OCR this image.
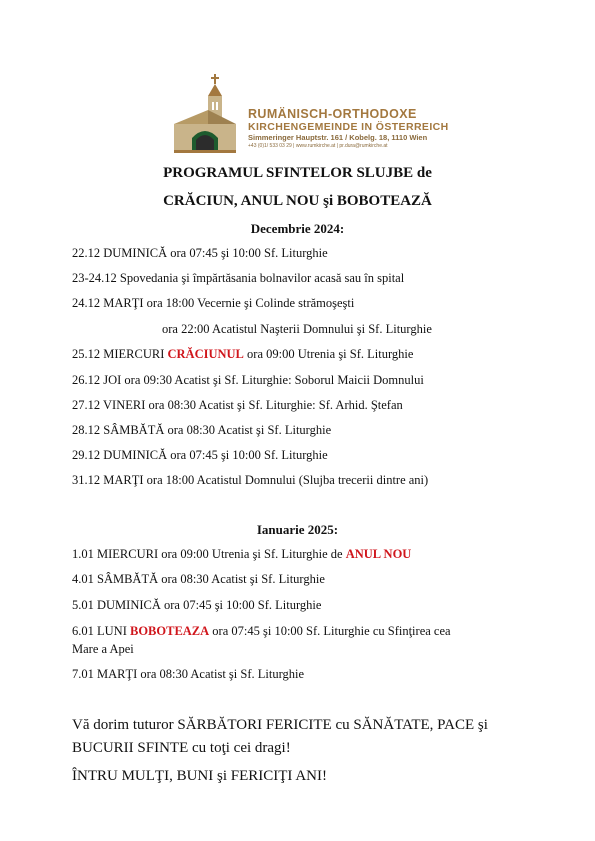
RUMÄNISCH-ORTHODOXE
KIRCHENGEMEINDE IN ÖSTERREICH
Simmeringer Hauptstr. 161 / Kobelg. 18, 1110 Wien
+43 (0)1/ 533 03 29 | www.rumkirche.at | pr.dura@rumkirche.at
PROGRAMUL SFINTELOR SLUJBE de
CRĂCIUN, ANUL NOU şi BOBOTEAZĂ
Decembrie 2024:
22.12 DUMINICĂ ora 07:45 şi 10:00 Sf. Liturghie
23-24.12 Spovedania şi împărtăsania bolnavilor acasă sau în spital
24.12 MARŢI ora 18:00 Vecernie şi Colinde strămoşeşti
ora 22:00 Acatistul Naşterii Domnului şi Sf. Liturghie
25.12 MIERCURI CRĂCIUNUL ora 09:00 Utrenia şi Sf. Liturghie
26.12 JOI ora 09:30 Acatist şi Sf. Liturghie: Soborul Maicii Domnului
27.12 VINERI ora 08:30 Acatist şi Sf. Liturghie: Sf. Arhid. Ştefan
28.12 SÂMBĂTĂ ora 08:30 Acatist şi Sf. Liturghie
29.12 DUMINICĂ ora 07:45 şi 10:00 Sf. Liturghie
31.12 MARŢI ora 18:00 Acatistul Domnului (Slujba trecerii dintre ani)
Ianuarie 2025:
1.01 MIERCURI ora 09:00 Utrenia şi Sf. Liturghie de ANUL NOU
4.01 SÂMBĂTĂ ora 08:30 Acatist şi Sf. Liturghie
5.01 DUMINICĂ ora 07:45 şi 10:00 Sf. Liturghie
6.01 LUNI BOBOTEAZA ora 07:45 şi 10:00 Sf. Liturghie cu Sfinţirea cea
Mare a Apei
7.01 MARŢI ora 08:30 Acatist şi Sf. Liturghie
Vă dorim tuturor SĂRBĂTORI FERICITE cu SĂNĂTATE, PACE şi
BUCURII SFINTE cu toţi cei dragi!
ÎNTRU MULŢI, BUNI şi FERICIŢI ANI!
